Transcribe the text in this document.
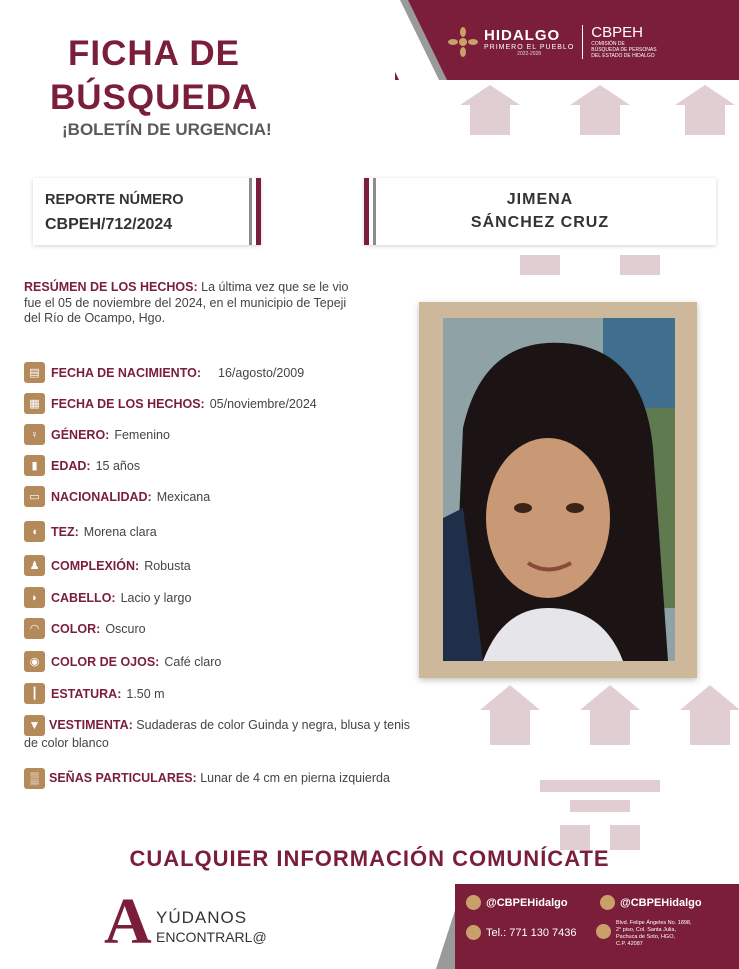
HIDALGO
PRIMERO EL PUEBLO
2022-2028
CBPEH
COMISIÓN DE
BÚSQUEDA DE PERSONAS
DEL ESTADO DE HIDALGO
FICHA DE
BÚSQUEDA
¡BOLETÍN DE URGENCIA!
REPORTE NÚMERO
CBPEH/712/2024
JIMENA
SÁNCHEZ CRUZ
RESÚMEN DE LOS HECHOS: La última vez que se le vio fue el 05 de noviembre del 2024, en el municipio de Tepeji del Río de Ocampo, Hgo.
▤ FECHA DE NACIMIENTO: 16/agosto/2009
▦ FECHA DE LOS HECHOS: 05/noviembre/2024
♀ GÉNERO: Femenino
▮	EDAD: 15 años
▭ NACIONALIDAD: Mexicana
◖	TEZ: Morena clara
♟ COMPLEXIÓN: Robusta
◗	CABELLO: Lacio y largo
◠ COLOR: Oscuro
◉ COLOR DE OJOS: Café claro
┃	ESTATURA: 1.50 m
▼ VESTIMENTA: Sudaderas de color Guinda y negra, blusa y tenis de color blanco
▒ SEÑAS PARTICULARES: Lunar de 4 cm en pierna izquierda
CUALQUIER INFORMACIÓN COMUNÍCATE
A YÚDANOS
ENCONTRARL@
@CBPEHidalgo	@CBPEHidalgo
Tel.: 771 130 7436
Blvd. Felipe Ángeles No. 1898,
2° piso, Col. Santa Julia,
Pachuca de Soto, HGO,
C.P. 42087
